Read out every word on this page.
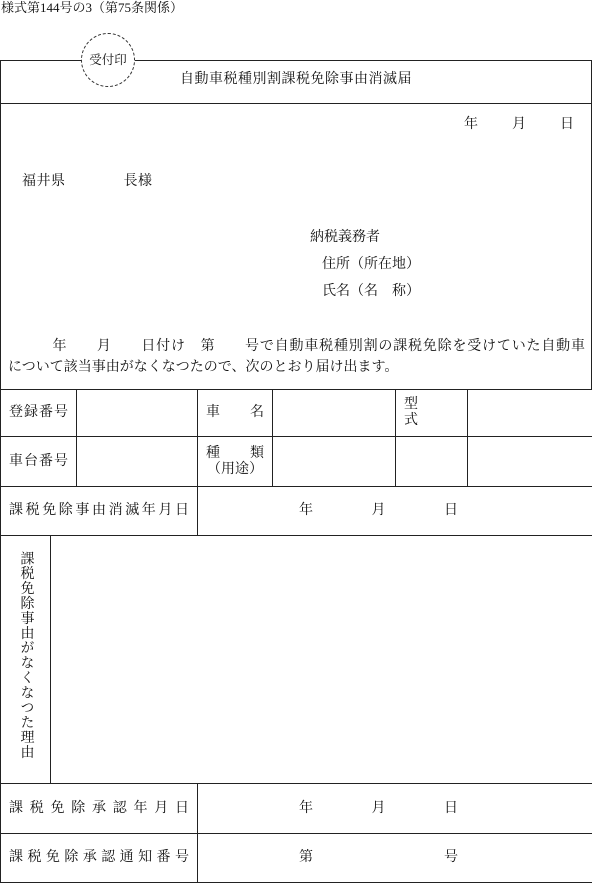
様式第144号の3（第75条関係）
受付印
自動車税種別割課税免除事由消滅届
年　　月　　日
福井県　　　　長様
納税義務者
住所（所在地）
氏名（名　称）
　　　年　　月　　日付け　第　　号で自動車税種別割の課税免除を受けていた自動車
について該当事由がなくなつたので、次のとおり届け出ます。
登録番号			車　　名		型　　式	

車台番号			種　　類
（用途）			

課税免除事由消滅年月日			年　　　　月　　　　日			

課税免除事由がなくなつた理由						

課税免除承認年月日			年　　　　月　　　　日			

課税免除承認通知番号			第　　　　　　　　　号			
